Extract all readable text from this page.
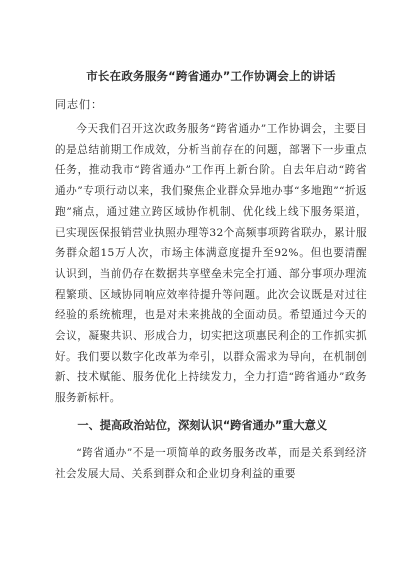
市长在政务服务“跨省通办”工作协调会上的讲话
同志们：

今天我们召开这次政务服务“跨省通办”工作协调会，主要目的是总结前期工作成效，分析当前存在的问题，部署下一步重点任务，推动我市“跨省通办”工作再上新台阶。自去年启动“跨省通办”专项行动以来，我们聚焦企业群众异地办事“多地跑”“折返跑”痛点，通过建立跨区域协作机制、优化线上线下服务渠道，已实现医保报销营业执照办理等32个高频事项跨省联办，累计服务群众超15万人次，市场主体满意度提升至92%。但也要清醒认识到，当前仍存在数据共享壁垒未完全打通、部分事项办理流程繁琐、区域协同响应效率待提升等问题。此次会议既是对过往经验的系统梳理，也是对未来挑战的全面动员。希望通过今天的会议，凝聚共识、形成合力，切实把这项惠民利企的工作抓实抓好。我们要以数字化改革为牵引，以群众需求为导向，在机制创新、技术赋能、服务优化上持续发力，全力打造“跨省通办”政务服务新标杆。

一、提高政治站位，深刻认识“跨省通办”重大意义

“跨省通办”不是一项简单的政务服务改革，而是关系到经济社会发展大局、关系到群众和企业切身利益的重要
